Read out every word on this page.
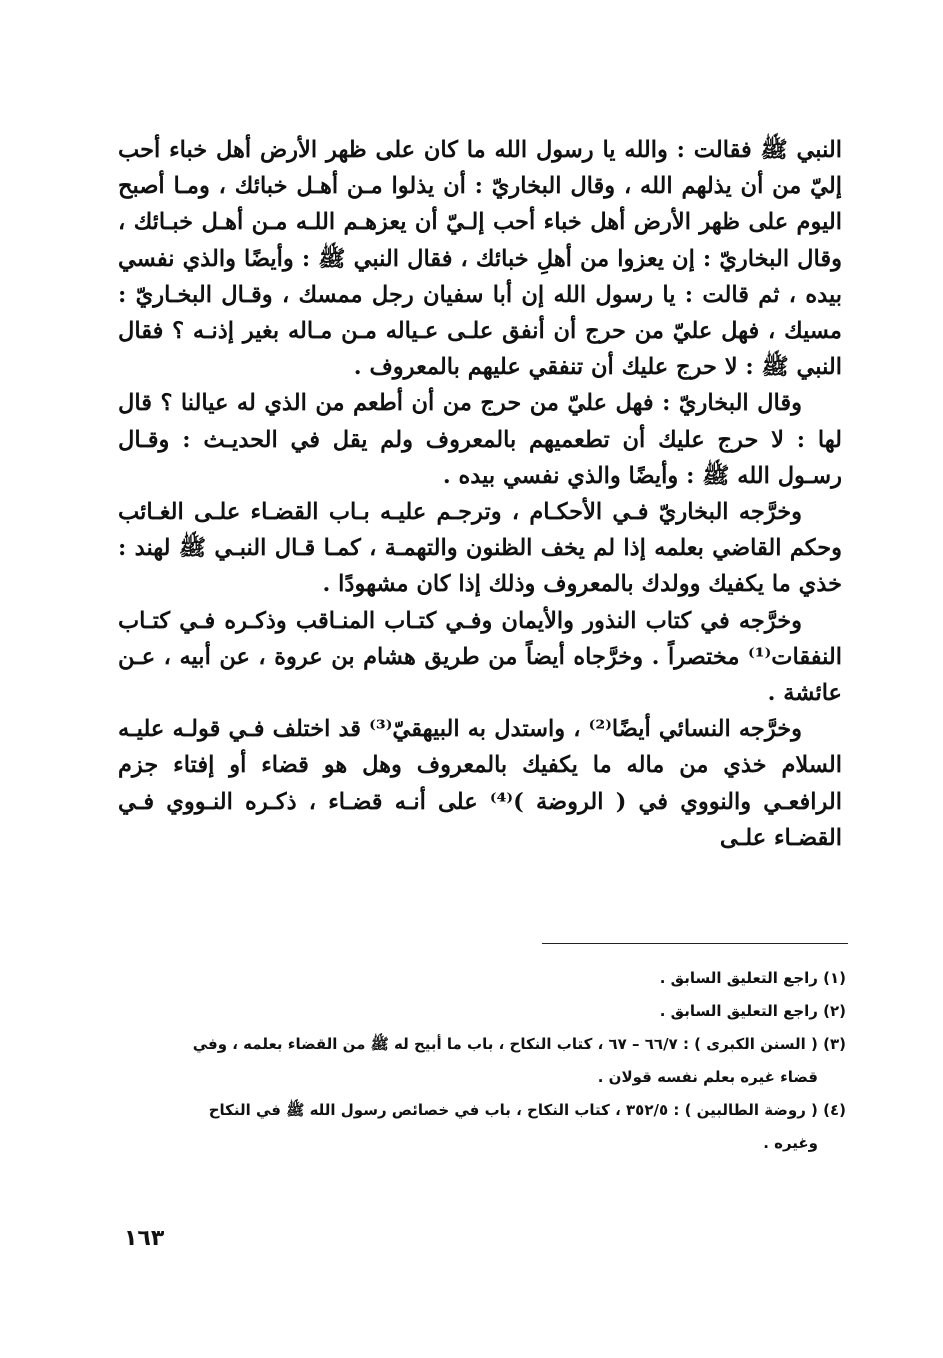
النبي ﷺ فقالت : والله يا رسول الله ما كان على ظهر الأرض أهل خباء أحب إليّ من أن يذلهم الله ، وقال البخاريّ : أن يذلوا مـن أهـل خبائك ، ومـا أصبح اليوم على ظهر الأرض أهل خباء أحب إلـيّ أن يعزهـم اللـه مـن أهـل خبـائك ، وقال البخاريّ : إن يعزوا من أهلِ خبائك ، فقال النبي ﷺ : وأيضًا والذي نفسي بيده ، ثم قالت : يا رسول الله إن أبا سفيان رجل ممسك ، وقـال البخـاريّ : مسيك ، فهل عليّ من حرج أن أنفق علـى عـياله مـن مـاله بغير إذنـه ؟ فقال النبي ﷺ : لا حرج عليك أن تنفقي عليهم بالمعروف .

وقال البخاريّ : فهل عليّ من حرج من أن أطعم من الذي له عيالنا ؟ قال لها : لا حرج عليك أن تطعميهم بالمعروف ولم يقل في الحديـث : وقـال رسـول الله ﷺ : وأيضًا والذي نفسي بيده .

وخرَّجه البخاريّ فـي الأحكـام ، وترجـم عليـه بـاب القضـاء علـى الغـائب وحكم القاضي بعلمه إذا لم يخف الظنون والتهمـة ، كمـا قـال النبـي ﷺ لهند : خذي ما يكفيك وولدك بالمعروف وذلك إذا كان مشهودًا .

وخرَّجه في كتاب النذور والأيمان وفـي كتـاب المنـاقب وذكـره فـي كتـاب النفقات⁽¹⁾ مختصراً . وخرَّجاه أيضاً من طريق هشام بن عروة ، عن أبيه ، عـن عائشة .

وخرَّجه النسائي أيضًا⁽²⁾ ، واستدل به البيهقيّ⁽³⁾ قد اختلف فـي قولـه عليـه السلام خذي من ماله ما يكفيك بالمعروف وهل هو قضاء أو إفتاء جزم الرافعـي والنووي في ( الروضة )⁽⁴⁾ على أنـه قضـاء ، ذكـره النـووي فـي القضـاء علـى

(١) راجع التعليق السابق .

(٢) راجع التعليق السابق .

(٣) ( السنن الكبرى ) : ٦٦/٧ – ٦٧ ، كتاب النكاح ، باب ما أبيح له ﷺ من القضاء بعلمه ، وفي

قضاء غيره بعلم نفسه قولان .

(٤) ( روضة الطالبين ) : ٣٥٢/٥ ، كتاب النكاح ، باب في خصائص رسول الله ﷺ في النكاح

وغيره .

١٦٣
